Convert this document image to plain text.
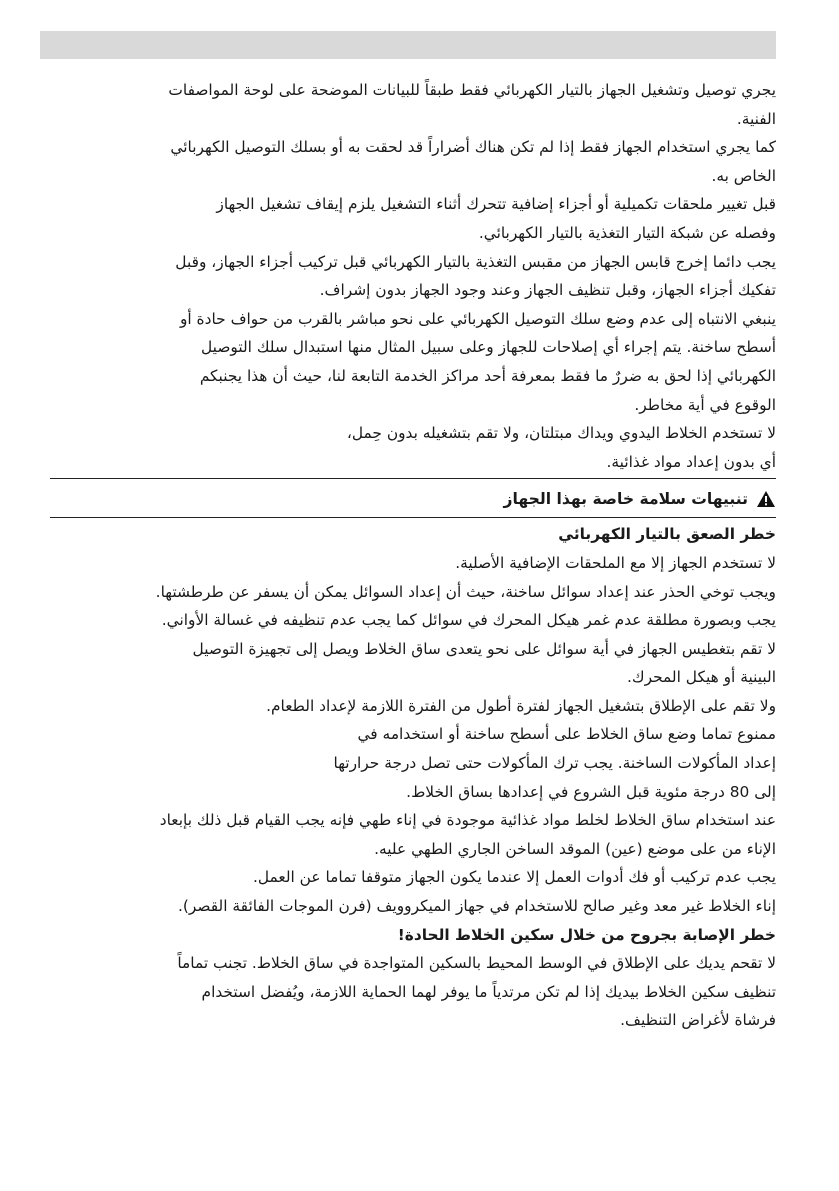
يجري توصيل وتشغيل الجهاز بالتيار الكهربائي فقط طبقاً للبيانات الموضحة على لوحة المواصفات
الفنية.
كما يجري استخدام الجهاز فقط إذا لم تكن هناك أضراراً قد لحقت به أو بسلك التوصيل الكهربائي
الخاص به.
قبل تغيير ملحقات تكميلية أو أجزاء إضافية تتحرك أثناء التشغيل يلزم إيقاف تشغيل الجهاز
وفصله عن شبكة التيار التغذية بالتيار الكهربائي.
يجب دائما إخرج قابس الجهاز من مقبس التغذية بالتيار الكهربائي قبل تركيب أجزاء الجهاز، وقبل
تفكيك أجزاء الجهاز، وقبل تنظيف الجهاز وعند وجود الجهاز بدون إشراف.
ينبغي الانتباه إلى عدم وضع سلك التوصيل الكهربائي على نحو مباشر بالقرب من حواف حادة أو
أسطح ساخنة. يتم إجراء أي إصلاحات للجهاز وعلى سبيل المثال منها استبدال سلك التوصيل
الكهربائي إذا لحق به ضررٌ ما فقط بمعرفة أحد مراكز الخدمة التابعة لنا، حيث أن هذا يجنبكم
الوقوع في أية مخاطر.
لا تستخدم الخلاط اليدوي ويداك مبتلتان، ولا تقم بتشغيله بدون حِمل،
أي بدون إعداد مواد غذائية.
تنبيهات سلامة خاصة بهذا الجهاز
خطر الصعق بالتيار الكهربائي
لا تستخدم الجهاز إلا مع الملحقات الإضافية الأصلية.
ويجب توخي الحذر عند إعداد سوائل ساخنة، حيث أن إعداد السوائل يمكن أن يسفر عن طرطشتها.
يجب وبصورة مطلقة عدم غمر هيكل المحرك في سوائل كما يجب عدم تنظيفه في غسالة الأواني.
لا تقم بتغطيس الجهاز في أية سوائل على نحو يتعدى ساق الخلاط ويصل إلى تجهيزة التوصيل
البينية أو هيكل المحرك.
ولا تقم على الإطلاق بتشغيل الجهاز لفترة أطول من الفترة اللازمة لإعداد الطعام.
ممنوع تماما وضع ساق الخلاط على أسطح ساخنة أو استخدامه في
إعداد المأكولات الساخنة. يجب ترك المأكولات حتى تصل درجة حرارتها
إلى 80 درجة مئوية قبل الشروع في إعدادها بساق الخلاط.
عند استخدام ساق الخلاط لخلط مواد غذائية موجودة في إناء طهي فإنه يجب القيام قبل ذلك بإبعاد
الإناء من على موضع (عين) الموقد الساخن الجاري الطهي عليه.
يجب عدم تركيب أو فك أدوات العمل إلا عندما يكون الجهاز متوقفا تماما عن العمل.
إناء الخلاط غير معد وغير صالح للاستخدام في جهاز الميكروويف (فرن الموجات الفائقة القصر).
خطر الإصابة بجروح من خلال سكين الخلاط الحادة!
لا تقحم يديك على الإطلاق في الوسط المحيط بالسكين المتواجدة في ساق الخلاط. تجنب تماماً
تنظيف سكين الخلاط بيديك إذا لم تكن مرتدياً ما يوفر لهما الحماية اللازمة، ويُفضل استخدام
فرشاة لأغراض التنظيف.
